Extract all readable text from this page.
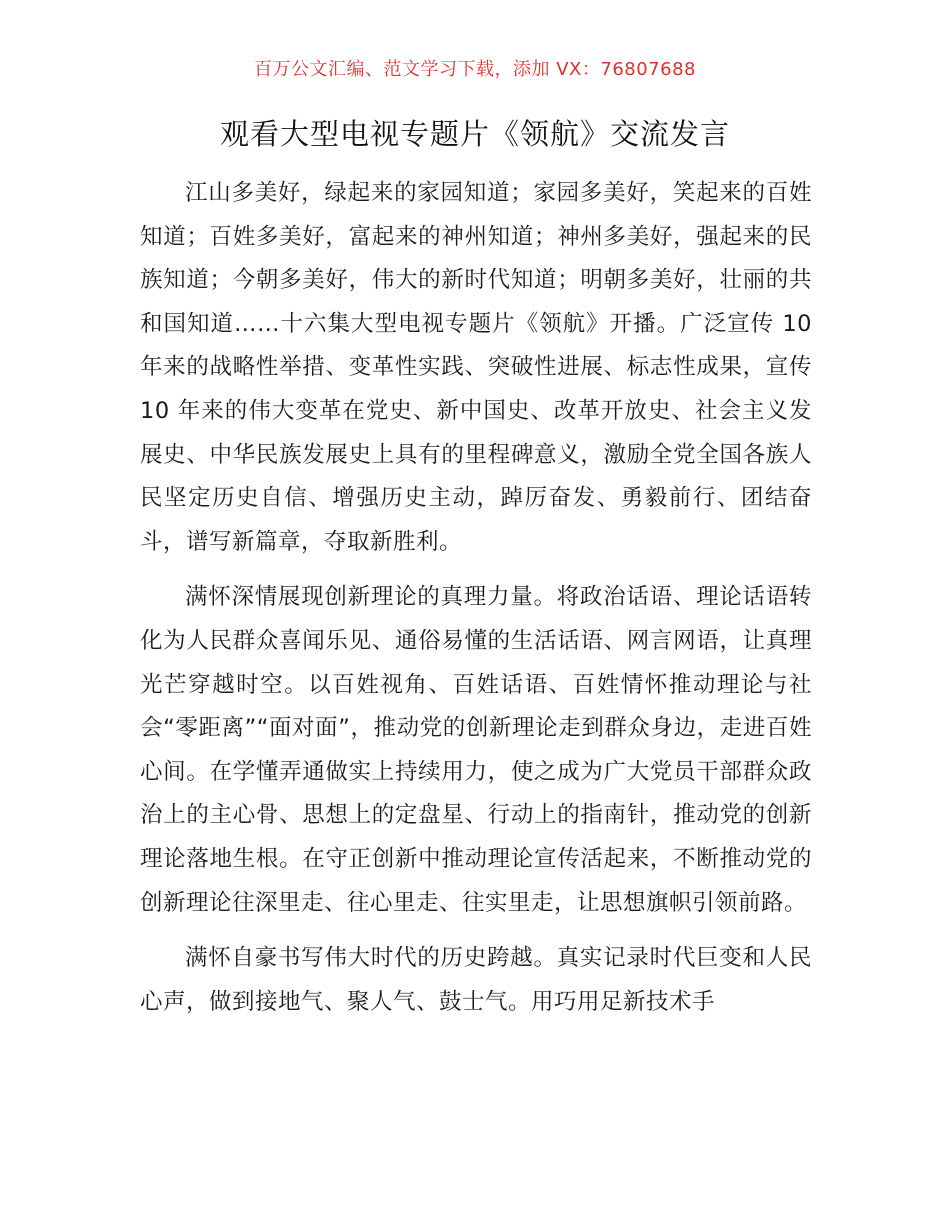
百万公文汇编、范文学习下载，添加 VX：76807688
观看大型电视专题片《领航》交流发言

江山多美好，绿起来的家园知道；家园多美好，笑起来的百姓知道；百姓多美好，富起来的神州知道；神州多美好，强起来的民族知道；今朝多美好，伟大的新时代知道；明朝多美好，壮丽的共和国知道……十六集大型电视专题片《领航》开播。广泛宣传 10 年来的战略性举措、变革性实践、突破性进展、标志性成果，宣传 10 年来的伟大变革在党史、新中国史、改革开放史、社会主义发展史、中华民族发展史上具有的里程碑意义，激励全党全国各族人民坚定历史自信、增强历史主动，踔厉奋发、勇毅前行、团结奋斗，谱写新篇章，夺取新胜利。

满怀深情展现创新理论的真理力量。将政治话语、理论话语转化为人民群众喜闻乐见、通俗易懂的生活话语、网言网语，让真理光芒穿越时空。以百姓视角、百姓话语、百姓情怀推动理论与社会“零距离”“面对面”，推动党的创新理论走到群众身边，走进百姓心间。在学懂弄通做实上持续用力，使之成为广大党员干部群众政治上的主心骨、思想上的定盘星、行动上的指南针，推动党的创新理论落地生根。在守正创新中推动理论宣传活起来，不断推动党的创新理论往深里走、往心里走、往实里走，让思想旗帜引领前路。

满怀自豪书写伟大时代的历史跨越。真实记录时代巨变和人民心声，做到接地气、聚人气、鼓士气。用巧用足新技术手
